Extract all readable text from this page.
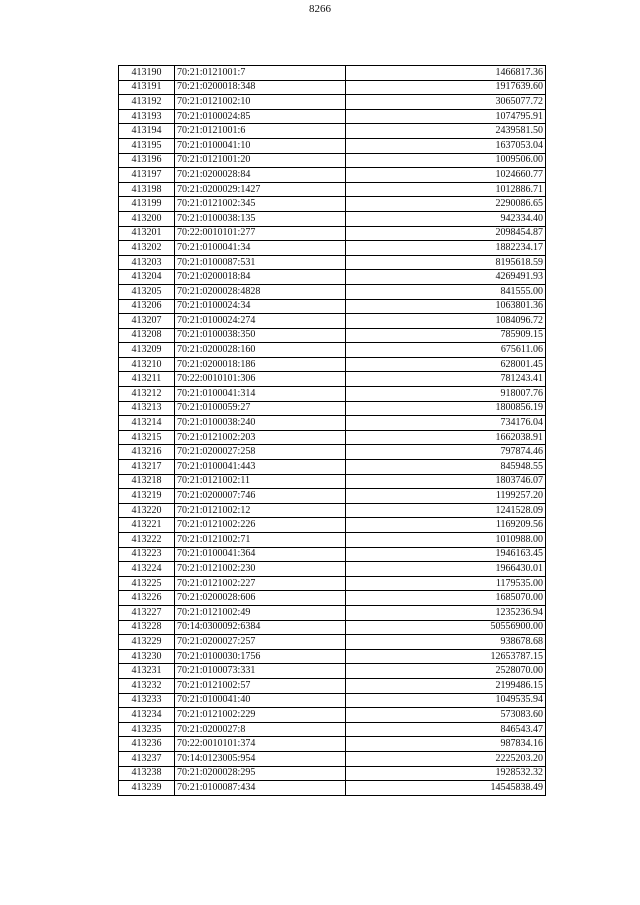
8266
413190	70:21:0121001:7	1466817.36
413191	70:21:0200018:348	1917639.60
413192	70:21:0121002:10	3065077.72
413193	70:21:0100024:85	1074795.91
413194	70:21:0121001:6	2439581.50
413195	70:21:0100041:10	1637053.04
413196	70:21:0121001:20	1009506.00
413197	70:21:0200028:84	1024660.77
413198	70:21:0200029:1427	1012886.71
413199	70:21:0121002:345	2290086.65
413200	70:21:0100038:135	942334.40
413201	70:22:0010101:277	2098454.87
413202	70:21:0100041:34	1882234.17
413203	70:21:0100087:531	8195618.59
413204	70:21:0200018:84	4269491.93
413205	70:21:0200028:4828	841555.00
413206	70:21:0100024:34	1063801.36
413207	70:21:0100024:274	1084096.72
413208	70:21:0100038:350	785909.15
413209	70:21:0200028:160	675611.06
413210	70:21:0200018:186	628001.45
413211	70:22:0010101:306	781243.41
413212	70:21:0100041:314	918007.76
413213	70:21:0100059:27	1800856.19
413214	70:21:0100038:240	734176.04
413215	70:21:0121002:203	1662038.91
413216	70:21:0200027:258	797874.46
413217	70:21:0100041:443	845948.55
413218	70:21:0121002:11	1803746.07
413219	70:21:0200007:746	1199257.20
413220	70:21:0121002:12	1241528.09
413221	70:21:0121002:226	1169209.56
413222	70:21:0121002:71	1010988.00
413223	70:21:0100041:364	1946163.45
413224	70:21:0121002:230	1966430.01
413225	70:21:0121002:227	1179535.00
413226	70:21:0200028:606	1685070.00
413227	70:21:0121002:49	1235236.94
413228	70:14:0300092:6384	50556900.00
413229	70:21:0200027:257	938678.68
413230	70:21:0100030:1756	12653787.15
413231	70:21:0100073:331	2528070.00
413232	70:21:0121002:57	2199486.15
413233	70:21:0100041:40	1049535.94
413234	70:21:0121002:229	573083.60
413235	70:21:0200027:8	846543.47
413236	70:22:0010101:374	987834.16
413237	70:14:0123005:954	2225203.20
413238	70:21:0200028:295	1928532.32
413239	70:21:0100087:434	14545838.49
